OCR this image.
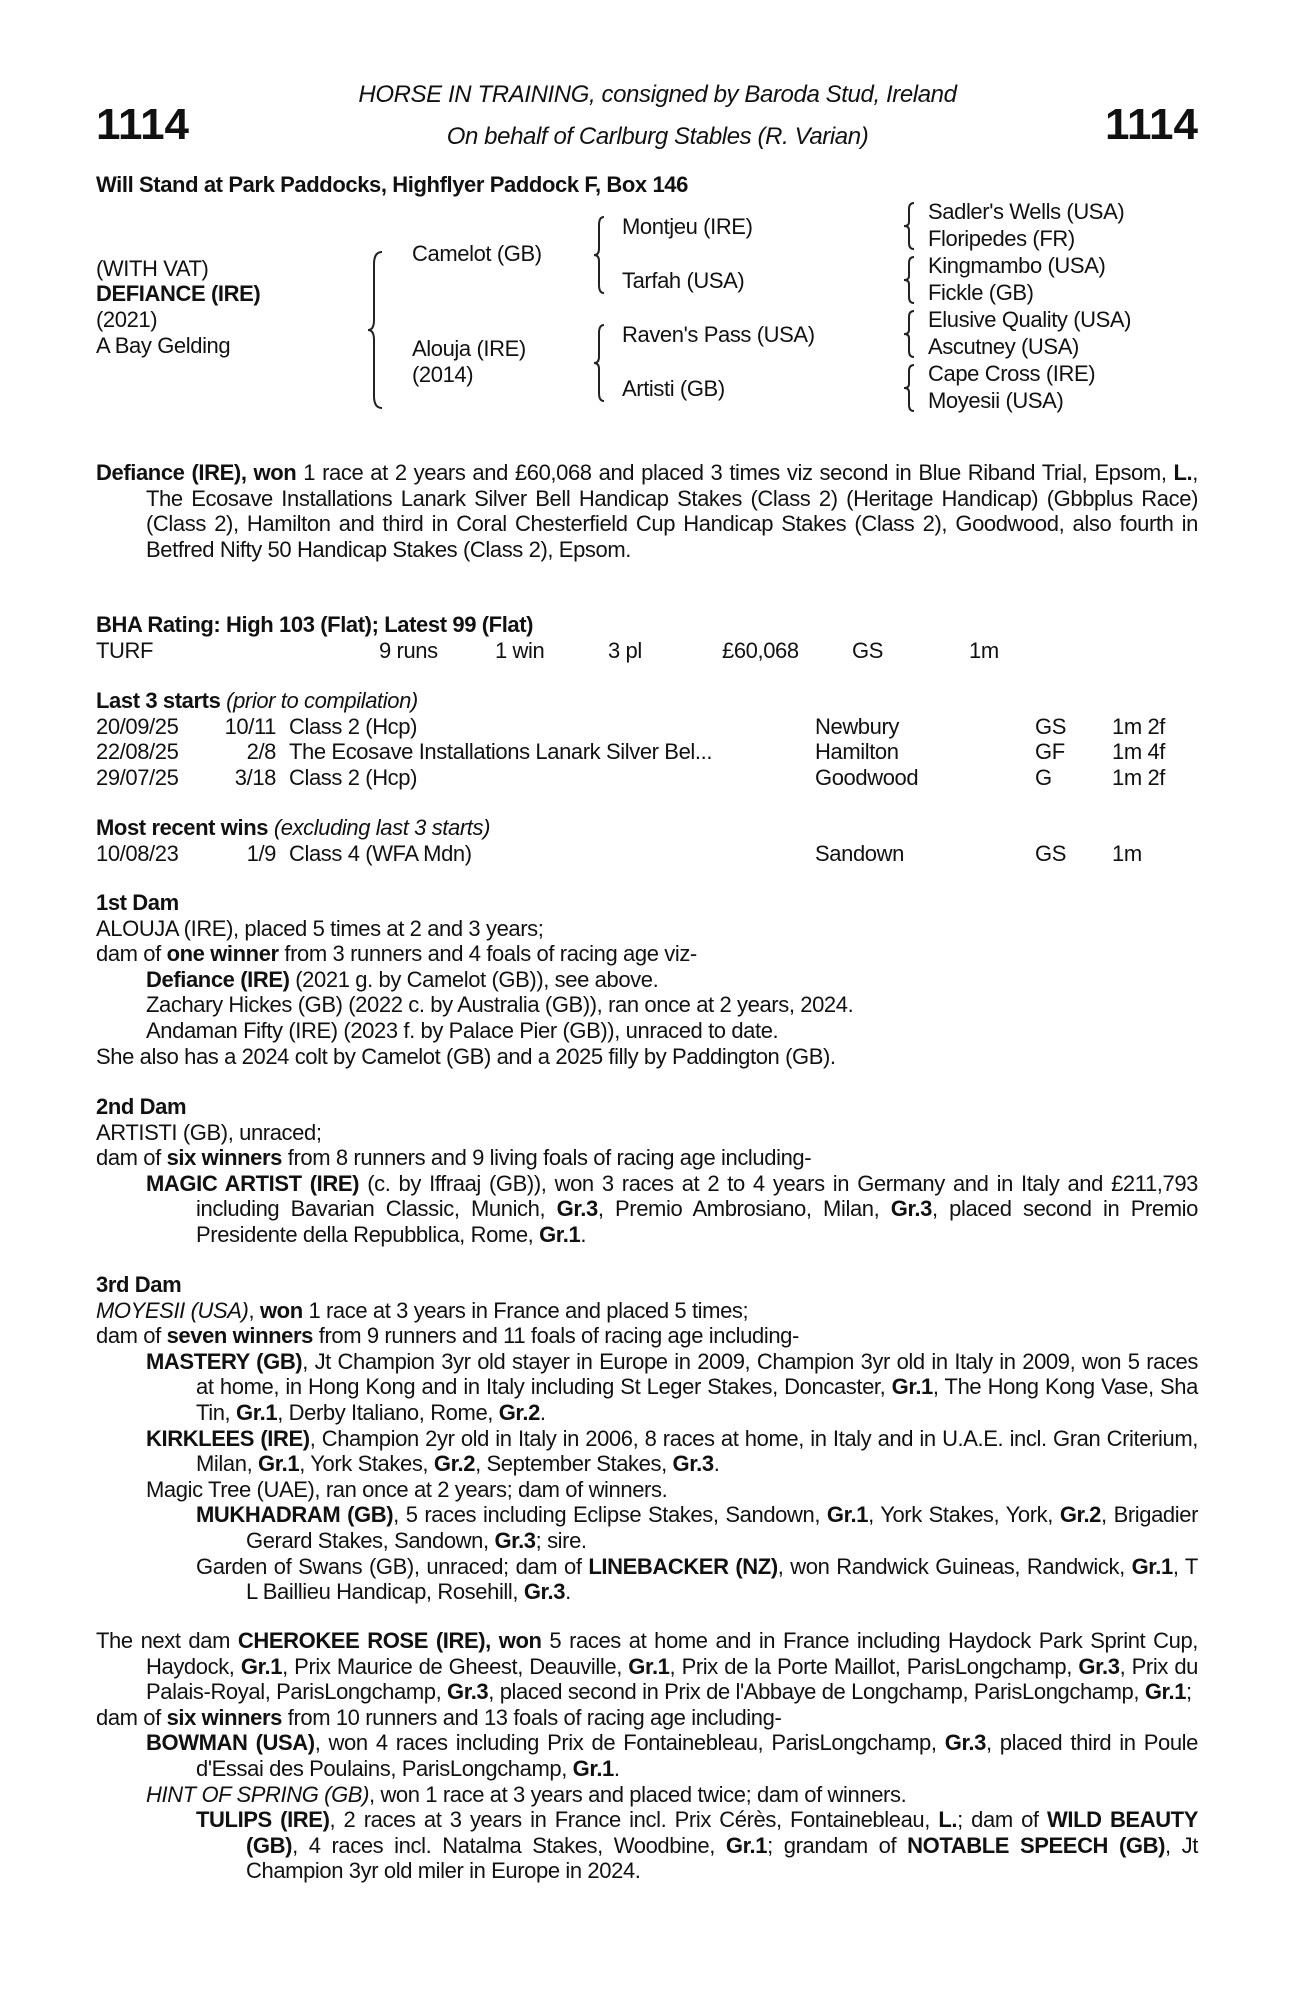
HORSE IN TRAINING, consigned by Baroda Stud, Ireland
On behalf of Carlburg Stables (R. Varian)
1114	1114
Will Stand at Park Paddocks, Highflyer Paddock F, Box 146
(WITH VAT)
DEFIANCE (IRE)
(2021)
A Bay Gelding
Camelot (GB)
Alouja (IRE)
(2014)
Montjeu (IRE)
Tarfah (USA)
Raven's Pass (USA)
Artisti (GB)
Sadler's Wells (USA)
Floripedes (FR)
Kingmambo (USA)
Fickle (GB)
Elusive Quality (USA)
Ascutney (USA)
Cape Cross (IRE)
Moyesii (USA)

Defiance (IRE), won 1 race at 2 years and £60,068 and placed 3 times viz second in Blue Riband Trial, Epsom, L., The Ecosave Installations Lanark Silver Bell Handicap Stakes (Class 2) (Heritage Handicap) (Gbbplus Race) (Class 2), Hamilton and third in Coral Chesterfield Cup Handicap Stakes (Class 2), Goodwood, also fourth in Betfred Nifty 50 Handicap Stakes (Class 2), Epsom.

BHA Rating: High 103 (Flat); Latest 99 (Flat)
TURF	9 runs	1 win	3 pl	£60,068 GS	1m
Last 3 starts (prior to compilation)
20/09/25 10/11 Class 2 (Hcp)	Newbury	GS 1m 2f
22/08/25	2/8 The Ecosave Installations Lanark Silver Bel...	Hamilton	GF 1m 4f
29/07/25	3/18 Class 2 (Hcp)	Goodwood	G	1m 2f
Most recent wins (excluding last 3 starts)
10/08/23	1/9 Class 4 (WFA Mdn)	Sandown	GS 1m
1st Dam

ALOUJA (IRE), placed 5 times at 2 and 3 years;

dam of one winner from 3 runners and 4 foals of racing age viz-

Defiance (IRE) (2021 g. by Camelot (GB)), see above.

Zachary Hickes (GB) (2022 c. by Australia (GB)), ran once at 2 years, 2024.

Andaman Fifty (IRE) (2023 f. by Palace Pier (GB)), unraced to date.

She also has a 2024 colt by Camelot (GB) and a 2025 filly by Paddington (GB).

2nd Dam

ARTISTI (GB), unraced;

dam of six winners from 8 runners and 9 living foals of racing age including-

MAGIC ARTIST (IRE) (c. by Iffraaj (GB)), won 3 races at 2 to 4 years in Germany and in Italy and £211,793 including Bavarian Classic, Munich, Gr.3, Premio Ambrosiano, Milan, Gr.3, placed second in Premio Presidente della Repubblica, Rome, Gr.1.

3rd Dam

MOYESII (USA), won 1 race at 3 years in France and placed 5 times;

dam of seven winners from 9 runners and 11 foals of racing age including-

MASTERY (GB), Jt Champion 3yr old stayer in Europe in 2009, Champion 3yr old in Italy in 2009, won 5 races at home, in Hong Kong and in Italy including St Leger Stakes, Doncaster, Gr.1, The Hong Kong Vase, Sha Tin, Gr.1, Derby Italiano, Rome, Gr.2.

KIRKLEES (IRE), Champion 2yr old in Italy in 2006, 8 races at home, in Italy and in U.A.E. incl. Gran Criterium, Milan, Gr.1, York Stakes, Gr.2, September Stakes, Gr.3.

Magic Tree (UAE), ran once at 2 years; dam of winners.

MUKHADRAM (GB), 5 races including Eclipse Stakes, Sandown, Gr.1, York Stakes, York, Gr.2, Brigadier Gerard Stakes, Sandown, Gr.3; sire.

Garden of Swans (GB), unraced; dam of LINEBACKER (NZ), won Randwick Guineas, Randwick, Gr.1, T L Baillieu Handicap, Rosehill, Gr.3.

The next dam CHEROKEE ROSE (IRE), won 5 races at home and in France including Haydock Park Sprint Cup, Haydock, Gr.1, Prix Maurice de Gheest, Deauville, Gr.1, Prix de la Porte Maillot, ParisLongchamp, Gr.3, Prix du Palais-Royal, ParisLongchamp, Gr.3, placed second in Prix de l'Abbaye de Longchamp, ParisLongchamp, Gr.1;

dam of six winners from 10 runners and 13 foals of racing age including-

BOWMAN (USA), won 4 races including Prix de Fontainebleau, ParisLongchamp, Gr.3, placed third in Poule d'Essai des Poulains, ParisLongchamp, Gr.1.

HINT OF SPRING (GB), won 1 race at 3 years and placed twice; dam of winners.

TULIPS (IRE), 2 races at 3 years in France incl. Prix Cérès, Fontainebleau, L.; dam of WILD BEAUTY (GB), 4 races incl. Natalma Stakes, Woodbine, Gr.1; grandam of NOTABLE SPEECH (GB), Jt Champion 3yr old miler in Europe in 2024.
